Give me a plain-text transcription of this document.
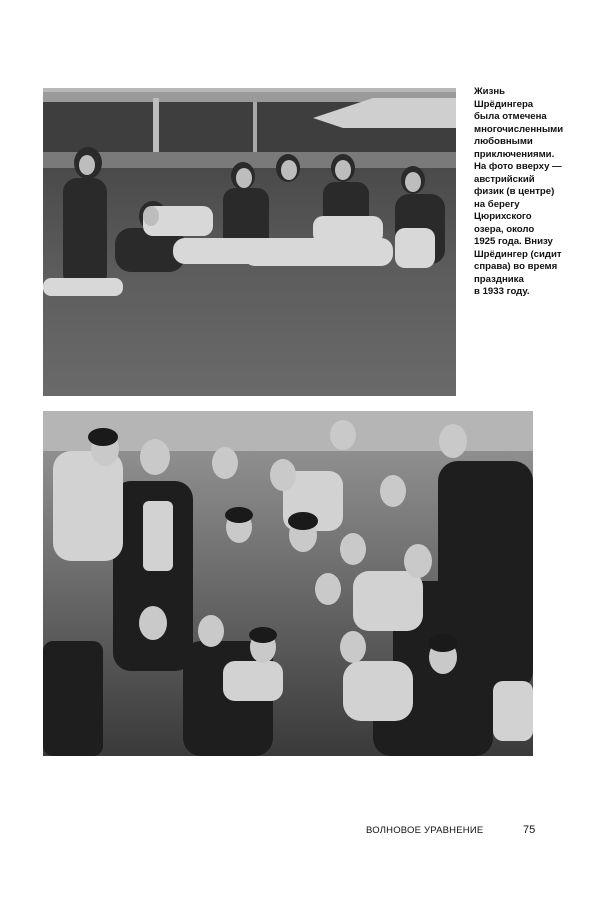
Жизнь
Шрёдингера
была отмечена
многочисленными
любовными
приключениями.
На фото вверху —
австрийский
физик (в центре)
на берегу
Цюрихского
озера, около
1925 года. Внизу
Шрёдингер (сидит
справа) во время
праздника
в 1933 году.
ВОЛНОВОЕ УРАВНЕНИЕ	75
